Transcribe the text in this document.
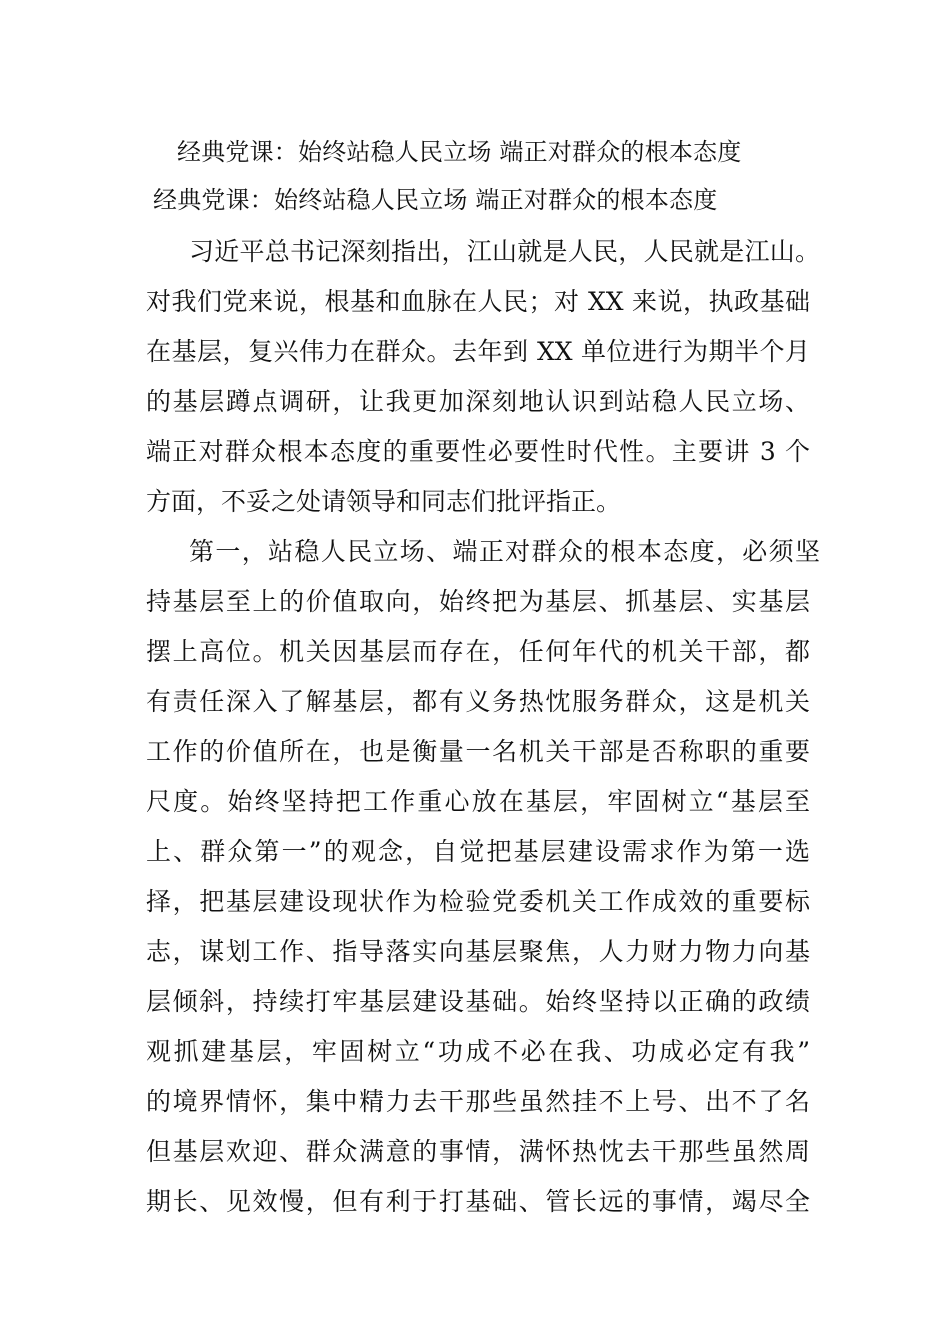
经典党课：始终站稳人民立场 端正对群众的根本态度
经典党课：始终站稳人民立场 端正对群众的根本态度
习近平总书记深刻指出，江山就是人民，人民就是江山。
对我们党来说，根基和血脉在人民；对 XX 来说，执政基础
在基层，复兴伟力在群众。去年到 XX 单位进行为期半个月
的基层蹲点调研，让我更加深刻地认识到站稳人民立场、
端正对群众根本态度的重要性必要性时代性。主要讲 3 个
方面，不妥之处请领导和同志们批评指正。
第一，站稳人民立场、端正对群众的根本态度，必须坚
持基层至上的价值取向，始终把为基层、抓基层、实基层
摆上高位。机关因基层而存在，任何年代的机关干部，都
有责任深入了解基层，都有义务热忱服务群众，这是机关
工作的价值所在，也是衡量一名机关干部是否称职的重要
尺度。始终坚持把工作重心放在基层，牢固树立“基层至
上、群众第一”的观念，自觉把基层建设需求作为第一选
择，把基层建设现状作为检验党委机关工作成效的重要标
志，谋划工作、指导落实向基层聚焦，人力财力物力向基
层倾斜，持续打牢基层建设基础。始终坚持以正确的政绩
观抓建基层，牢固树立“功成不必在我、功成必定有我”
的境界情怀，集中精力去干那些虽然挂不上号、出不了名
但基层欢迎、群众满意的事情，满怀热忱去干那些虽然周
期长、见效慢，但有利于打基础、管长远的事情，竭尽全
